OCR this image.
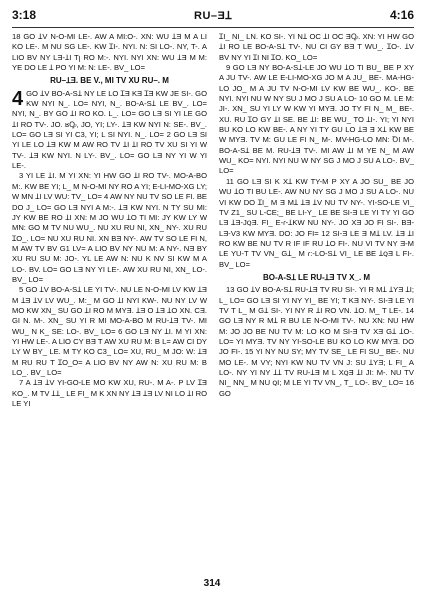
3:18	RU–ƎꞱ	4:16

18 GO ꞱV N-O-MI LE-. AW A MI:O-. XN: WU ꞱƎ M A LI KO LE-. M NU SG LE-. KW ꞮI-. NYI. N: SI LO-. NY, T-. A LIO BV NY LƎ-ꞱI Tꞁ RO M:-. NYI. NYI XN: WU ꞱƎ M M: YE DO LE Ʇ PO YI M: N: LE-. BV_ LO=

RU–ꞱƎ. BE V., MI TV XU RU–. M

4 GO ꞱV BO-A-SꞱ NY LE LO ꞮƎ KƎ ꞮƎ KW JE SI-. GO KW NYI N_. LO= NYI, N_. BO-A-SꞱ LE BV_. LO= NYI, N_. BY GO ꞱI RO KO. L_. LO= GO LƎ SI YI LE GO ꞱI RO TV-. JO. ʁꝘ, JO, YI; LY-. ꞱƎ KW NYI N: SE-. BV_. LO= GO LƎ SI YI C3, YI; L SI NYI. N_. LO= 2 GO LƎ SI YI LE LO ꞱƎ KW M AW RO TV ꞱI ꞱI RO TV XU SI YI W TV-. ꞱƎ KW NYI. N LY-. BV_. LO= GO LƎ NY YI W YI LE-.

3 YI LE ꞱI. M YI XN: YI HW GO ꞱI RO TV-. MO-A-BO M:. KW BE YI; L_ M N-O-MI NY RO A YI; E-LI-MO-XG LY; W MN ꞱI LV WU: TV_ LO= 4 AW NY NU TV SO LE FI. BE DO J_ LO= GO LƎ NYI A M:-. ꞱƎ KW NYI. N TY SU MI: JY KW BE RO ꞱI XN: M JO WU ꞱO TI MI: JY KW LY W MN: GO M TV NU WU_. NU XU RU NI, XN_ NY-. XU RU ꞮO_. LO= NU XU RU NI. XN BƎ NY-. AW TV SO LE FI N, M AW TV BV G1 LV= A LIO BV NY NU M: A NY-. NƎ BY XU RU SU M: JO-. YL LE AW N: NU K NV SI KW M A LO-. BV. LO= GO LƎ NY YI LE-. AW XU RU NI, XN_ LO-. BV_ LO=

5 GO ꞱV BO-A-SꞱ LE YI TV-. NU LE N-O-MI LV KW ꞱƎ M ꞱƎ ꞱV LV WU_. M:_ M GO ꞱI NYI KW-. NU NY LV W MO KW XN_ SU GO ꞱI RO M MYƎ. ꞱƎ O ꞱƎ ꞱO XN. CƎ. GI N. M-. XN_ SU YI R MI MO-A-BO M RU-ꞱƎ TV-. MI WU_ N K_ SE: LO-. BV_ LO= 6 GO LƎ NY ꞱI. M YI XN: YI HW LE-. A LIO CY BƎ T AW XU RU M: B L= AW CI DY LY W BY_ LE. M TY KO C3_ LO= XU, RU_ M JO: W: ꞱƎ M RU RU T ꞮO_O= A LIO BV NY AW N: XU RU M: B LO_. BV_ LO=

7 A ꞱƎ ꞱV YI-GO-LE MO KW XU, RU-. M A-. P LV ꞮƎ KO_. M TV ꞱꞱ_ LE FI_ M K XN NY ꞱƎ ꞱƎ LV NI LO ꞱI RO LE YI

ꞮI_ NI_ LN. KO SI-. YI NꞱ OC ꞱI OC ƎꝘ. XN: YI HW GO ꞱI RO LE BO-A-SꞱ TV-. NU CI GY BƎ T WU_. ꞮO-. ꞱV BV NY YI ꞮI NI ꞮO. KO_ LO=

9 GO LƎ NY BO-A-SꞱ-LE JO WU ꞱO TI BU_ BE P XY A JU TV-. AW LE E-LI-MO-XG JO M A JU_ BE-. MA-HG-LO JO_ M A JU TV N-O-MI LV KW BE WU_. KO-. BE NYI. NYI NU W NY SU J MO J SU A LO- 10 GO M. LE M: JI-. XN_ SU YI LY W KW YI MYƎ. JO TY FI N_ M_ BE-. XU. RU ꞮO GY ꞱI SE. BE ꞱI: BE WU_ TO ꞱI-. YI; YI NYI BU KO LO KW BE-. A NY YI TY GU LO ꞱƎ Ǝ XꞱ KW BE W MYƎ. TV M: GU LE FI N_ M-. MV-HG-LO MN: ꝹI M-. BO-A-SꞱ BE M. RU-ꞱƎ TV-. MI AW ꞱI M YE N_ M AW WU_ KO= NYI. NYI NU W NY SG J MO J SU A LO-. BV_ LO=

11 GO LƎ SI K XꞱ KW TY-M P XY A JO SU_ BE JO WU ꞱO TI BU LE-. AW NU NY SG J MO J SU A LO-. NU VI KW DO ꞮI_ M Ǝ MꞱ ꞱƎ ꞱV NU TV NY-. YI-SO-LE VI_ TV Z1_ SU L-CE;_ BE LI-Y_ LE BE SI-Ǝ LE YI TY YI GO LƎ ꞱƎ-JꞯƎ. FI_ E-ɾ-ꞱKW NU NY-. JO XƎ JO FI SI-. BƎ-LƎ-V3 KW MYƎ. DO: JO FI= 12 SI-Ǝ LE Ǝ MꞱ LV. ꞱƎ ꞱI RO KW BE NU TV R IF IF RU ꞱO FI-. NU VI TV NY Ǝ-M LE YU-T TV VN_ GꞱ_ M ɾ:-LO-SꞱ VI_ LE BE ꞱꞯƎ L FI-. BV_ LO=

BO-A-SꞱ LE RU-ꞱƎ TV X_. M

13 GO ꞱV BO-A-SꞱ RU-ꞱƎ TV RU SI-. YI R MꞱ ꞱYƎ ꞱI; L_ LO= GO LƎ SI YI NY YI_ BE YI; T KƎ NY-. SI-Ǝ LE YI TV T L_ M GꞱ SI-. YI NY R ꞱI RO VN. ꞱO. M_ T LE-. 14 GO LƎ NY R MꞱ R BU LE N-O-MI TV-. NU XN: NU HW M: JO JO BE NU TV M: LO KO M SI-Ǝ TV XƎ GꞱ ꞱO-. LO= YI MYƎ. TV NY YI-SO-LE BU KO LO KW MYƎ. DO JO FI-. 15 YI NY NU SY; MY TV SE_ LE FI SU_ BE-. NU MO LE-. M VY; NYI KW NU TV VN J: SU ꞱYƎ; L FI_ A LO-. NY YI NY ꞱꞱ TV RU-ꞱƎ M L XꞯƎ ꞱI JI: M-. NU TV NI_ NN_ M NU ꞯI; M LE YI TV VN_, T_ LO-. BV_ LO= 16 GO

314
